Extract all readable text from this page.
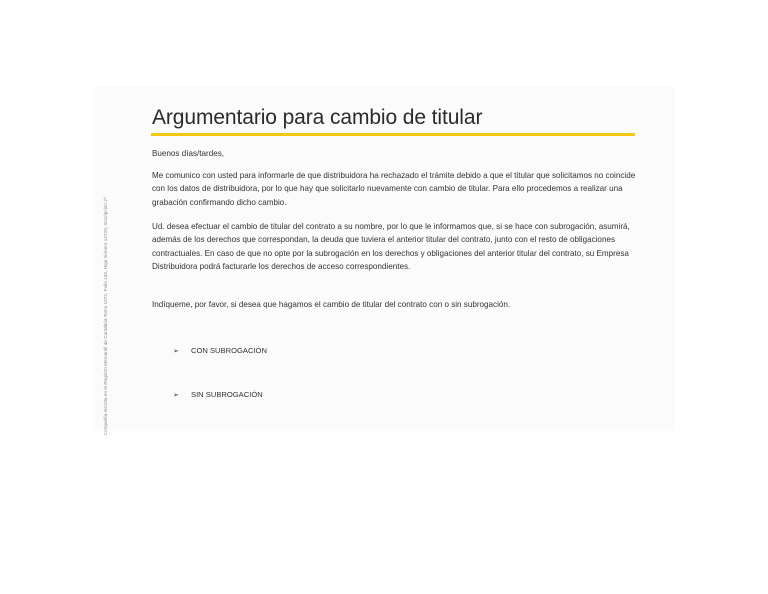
. Compañía inscrita en el Registro Mercantil de Cantabria Tomo 1072, Folio 100, Hoja número 12720, Inscripción 2ª
Argumentario para cambio de titular

Buenos días/tardes,

Me comunico con usted para informarle de que distribuidora ha rechazado el trámite debido a que el titular que solicitamos no coincide con los datos de distribuidora, por lo que hay que solicitarlo nuevamente con cambio de titular. Para ello procedemos a realizar una grabación confirmando dicho cambio.

Ud. desea efectuar el cambio de titular del contrato a su nombre, por lo que le informamos que, si se hace con subrogación, asumirá, además de los derechos que correspondan, la deuda que tuviera el anterior titular del contrato, junto con el resto de obligaciones contractuales. En caso de que no opte por la subrogación en los derechos y obligaciones del anterior titular del contrato, su Empresa Distribuidora podrá facturarle los derechos de acceso correspondientes.

Indíqueme, por favor, si desea que hagamos el cambio de titular del contrato con o sin subrogación.

➢ CON SUBROGACIÓN
➢ SIN SUBROGACIÓN
